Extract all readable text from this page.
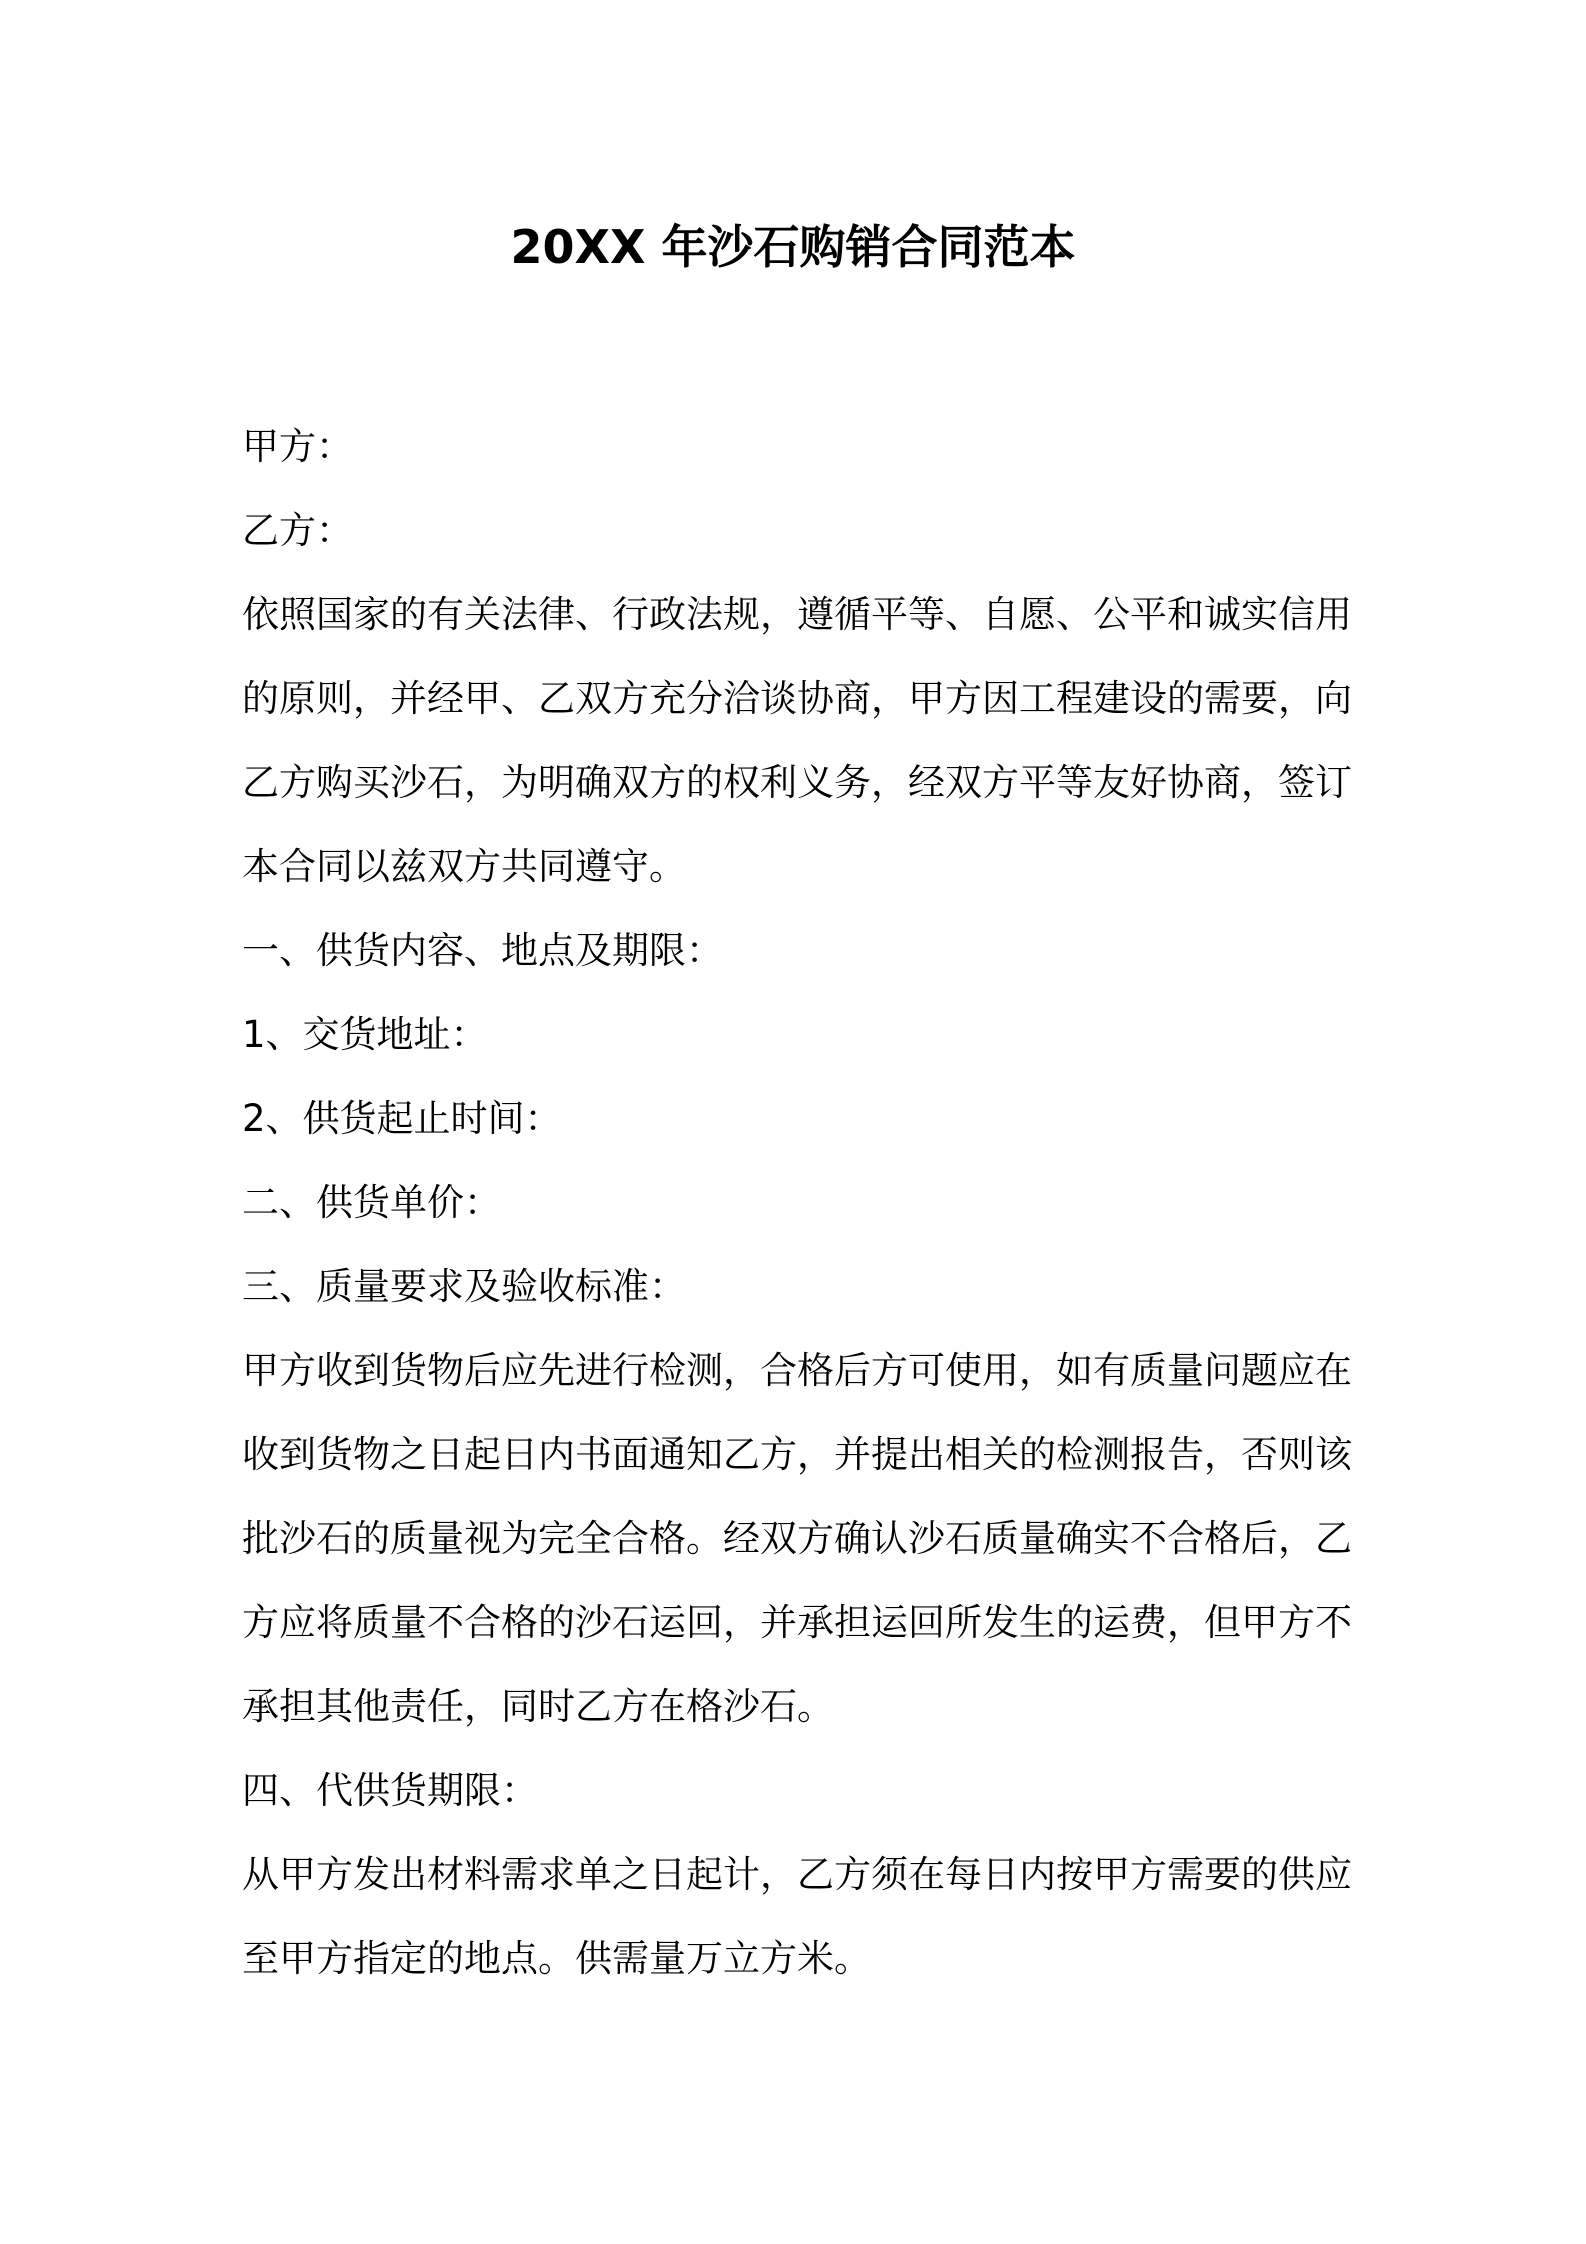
20XX 年沙石购销合同范本
甲方：
乙方：
依照国家的有关法律、行政法规，遵循平等、自愿、公平和诚实信用
的原则，并经甲、乙双方充分洽谈协商，甲方因工程建设的需要，向
乙方购买沙石，为明确双方的权利义务，经双方平等友好协商，签订
本合同以兹双方共同遵守。
一、供货内容、地点及期限：
1、交货地址：
2、供货起止时间：
二、供货单价：
三、质量要求及验收标准：
甲方收到货物后应先进行检测，合格后方可使用，如有质量问题应在
收到货物之日起日内书面通知乙方，并提出相关的检测报告，否则该
批沙石的质量视为完全合格。经双方确认沙石质量确实不合格后，乙
方应将质量不合格的沙石运回，并承担运回所发生的运费，但甲方不
承担其他责任，同时乙方在格沙石。
四、代供货期限：
从甲方发出材料需求单之日起计，乙方须在每日内按甲方需要的供应
至甲方指定的地点。供需量万立方米。
